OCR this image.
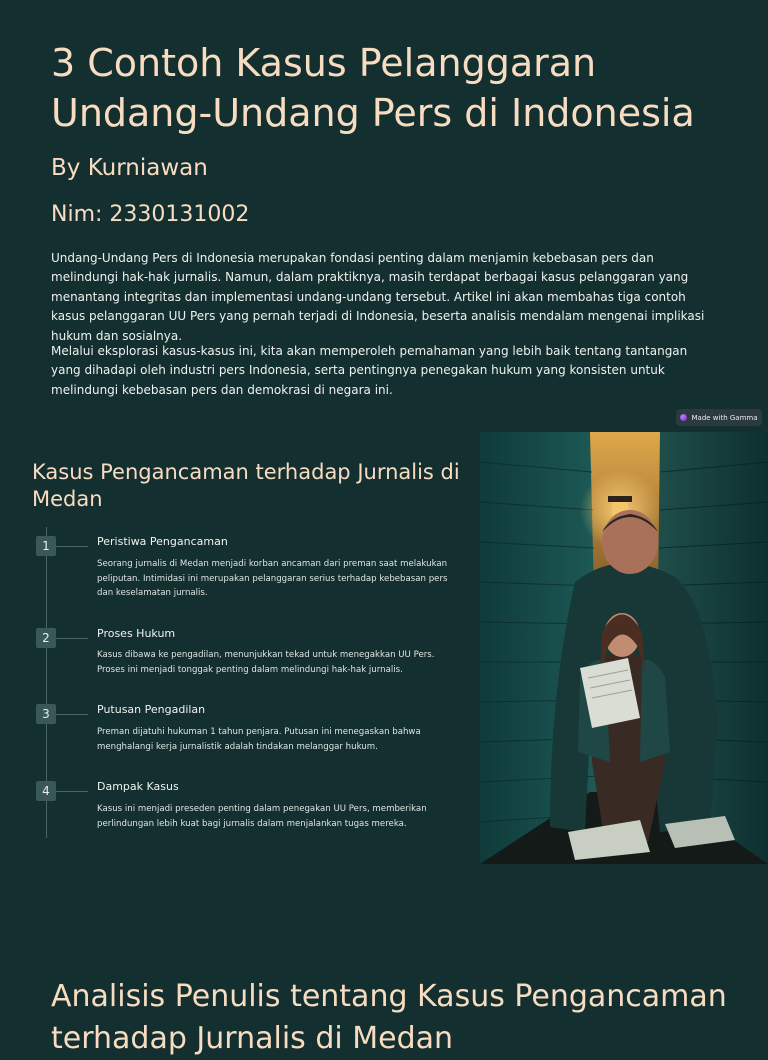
3 Contoh Kasus Pelanggaran Undang-Undang Pers di Indonesia
By Kurniawan
Nim: 2330131002

Undang-Undang Pers di Indonesia merupakan fondasi penting dalam menjamin kebebasan pers dan melindungi hak-hak jurnalis. Namun, dalam praktiknya, masih terdapat berbagai kasus pelanggaran yang menantang integritas dan implementasi undang-undang tersebut. Artikel ini akan membahas tiga contoh kasus pelanggaran UU Pers yang pernah terjadi di Indonesia, beserta analisis mendalam mengenai implikasi hukum dan sosialnya.

Melalui eksplorasi kasus-kasus ini, kita akan memperoleh pemahaman yang lebih baik tentang tantangan yang dihadapi oleh industri pers Indonesia, serta pentingnya penegakan hukum yang konsisten untuk melindungi kebebasan pers dan demokrasi di negara ini.

Made with Gamma
Kasus Pengancaman terhadap Jurnalis di Medan
1	Peristiwa Pengancaman

Seorang jurnalis di Medan menjadi korban ancaman dari preman saat melakukan peliputan. Intimidasi ini merupakan pelanggaran serius terhadap kebebasan pers dan keselamatan jurnalis.

2	Proses Hukum

Kasus dibawa ke pengadilan, menunjukkan tekad untuk menegakkan UU Pers. Proses ini menjadi tonggak penting dalam melindungi hak-hak jurnalis.

3	Putusan Pengadilan

Preman dijatuhi hukuman 1 tahun penjara. Putusan ini menegaskan bahwa menghalangi kerja jurnalistik adalah tindakan melanggar hukum.

4	Dampak Kasus

Kasus ini menjadi preseden penting dalam penegakan UU Pers, memberikan perlindungan lebih kuat bagi jurnalis dalam menjalankan tugas mereka.

Analisis Penulis tentang Kasus Pengancaman terhadap Jurnalis di Medan
